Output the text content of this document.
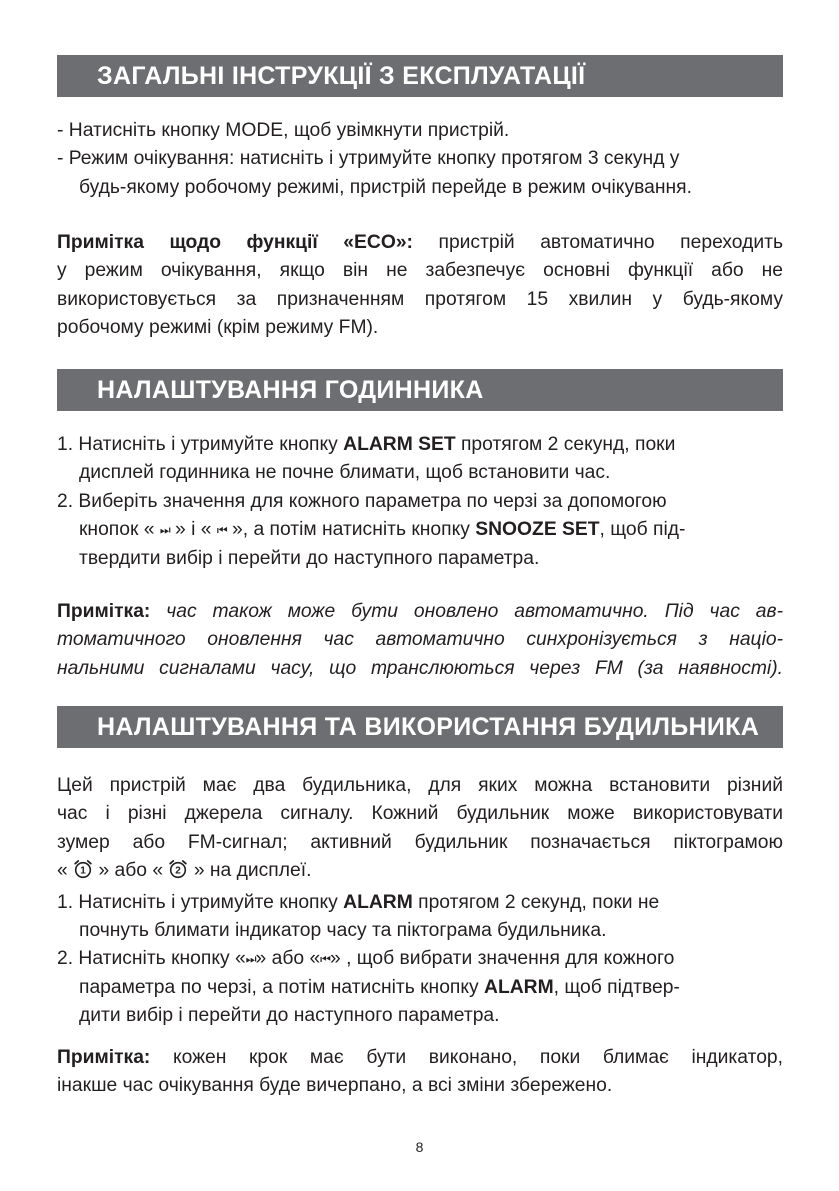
ЗАГАЛЬНІ ІНСТРУКЦІЇ З ЕКСПЛУАТАЦІЇ
- Натисніть кнопку MODE, щоб увімкнути пристрій.
- Режим очікування: натисніть і утримуйте кнопку протягом 3 секунд у
будь-якому робочому режимі, пристрій перейде в режим очікування.
Примітка щодо функції «ECO»: пристрій автоматично переходить
у режим очікування, якщо він не забезпечує основні функції або не
використовується за призначенням протягом 15 хвилин у будь-якому
робочому режимі (крім режиму FM).
НАЛАШТУВАННЯ ГОДИННИКА
1. Натисніть і утримуйте кнопку ALARM SET протягом 2 секунд, поки
дисплей годинника не почне блимати, щоб встановити час.
2. Виберіть значення для кожного параметра по черзі за допомогою
кнопок « ⏭ » і « ⏮ », а потім натисніть кнопку SNOOZE SET, щоб під-
твердити вибір і перейти до наступного параметра.
Примітка: час також може бути оновлено автоматично. Під час ав-
томатичного оновлення час автоматично синхронізується з націо-
нальними сигналами часу, що транслюються через FM (за наявності).
НАЛАШТУВАННЯ ТА ВИКОРИСТАННЯ БУДИЛЬНИКА
Цей пристрій має два будильника, для яких можна встановити різний
час і різні джерела сигналу. Кожний будильник може використовувати
зумер або FM-сигнал; активний будильник позначається піктограмою
« 1 » або « 2 » на дисплеї.
1. Натисніть і утримуйте кнопку ALARM протягом 2 секунд, поки не
почнуть блимати індикатор часу та піктограма будильника.
2. Натисніть кнопку «⏭» або «⏮» , щоб вибрати значення для кожного
параметра по черзі, а потім натисніть кнопку ALARM, щоб підтвер-
дити вибір і перейти до наступного параметра.
Примітка: кожен крок має бути виконано, поки блимає індикатор,
інакше час очікування буде вичерпано, а всі зміни збережено.
8
